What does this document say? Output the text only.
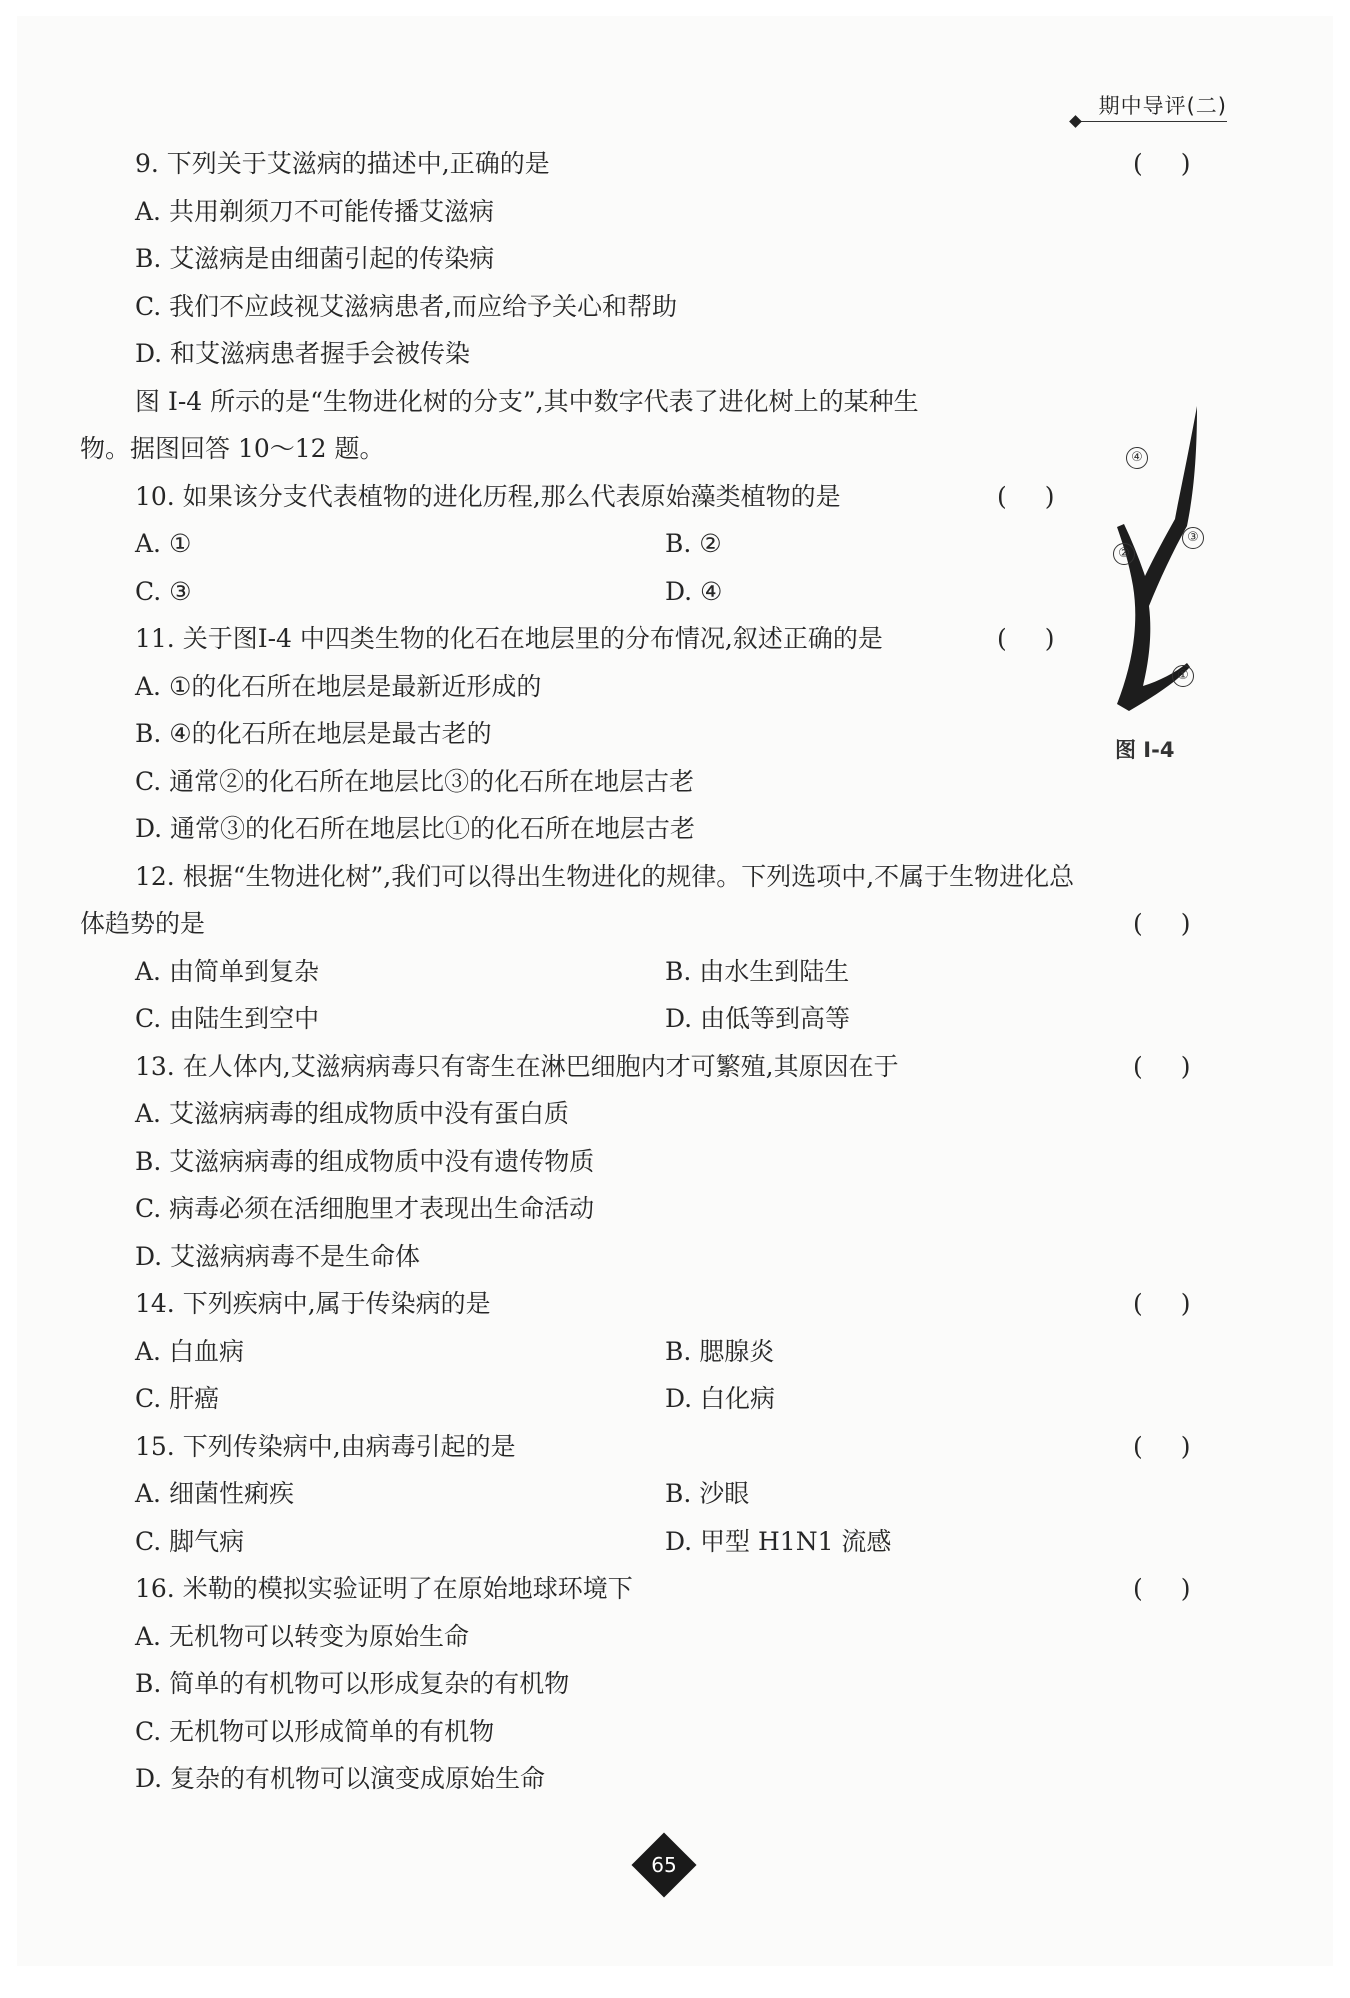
期中导评(二)
9. 下列关于艾滋病的描述中,正确的是	()
A. 共用剃须刀不可能传播艾滋病
B. 艾滋病是由细菌引起的传染病
C. 我们不应歧视艾滋病患者,而应给予关心和帮助
D. 和艾滋病患者握手会被传染
图 Ⅰ-4 所示的是“生物进化树的分支”,其中数字代表了进化树上的某种生
物。据图回答 10～12 题。
10. 如果该分支代表植物的进化历程,那么代表原始藻类植物的是	()
A. ①	B. ②
C. ③	D. ④
11. 关于图Ⅰ-4 中四类生物的化石在地层里的分布情况,叙述正确的是	()
A. ①的化石所在地层是最新近形成的
B. ④的化石所在地层是最古老的
C. 通常②的化石所在地层比③的化石所在地层古老
D. 通常③的化石所在地层比①的化石所在地层古老
12. 根据“生物进化树”,我们可以得出生物进化的规律。下列选项中,不属于生物进化总
体趋势的是	()
A. 由简单到复杂	B. 由水生到陆生
C. 由陆生到空中	D. 由低等到高等
13. 在人体内,艾滋病病毒只有寄生在淋巴细胞内才可繁殖,其原因在于	()
A. 艾滋病病毒的组成物质中没有蛋白质
B. 艾滋病病毒的组成物质中没有遗传物质
C. 病毒必须在活细胞里才表现出生命活动
D. 艾滋病病毒不是生命体
14. 下列疾病中,属于传染病的是	()
A. 白血病	B. 腮腺炎
C. 肝癌	D. 白化病
15. 下列传染病中,由病毒引起的是	()
A. 细菌性痢疾	B. 沙眼
C. 脚气病	D. 甲型 H1N1 流感
16. 米勒的模拟实验证明了在原始地球环境下	()
A. 无机物可以转变为原始生命
B. 简单的有机物可以形成复杂的有机物
C. 无机物可以形成简单的有机物
D. 复杂的有机物可以演变成原始生命
④
②
③
①
图 Ⅰ-4
65
